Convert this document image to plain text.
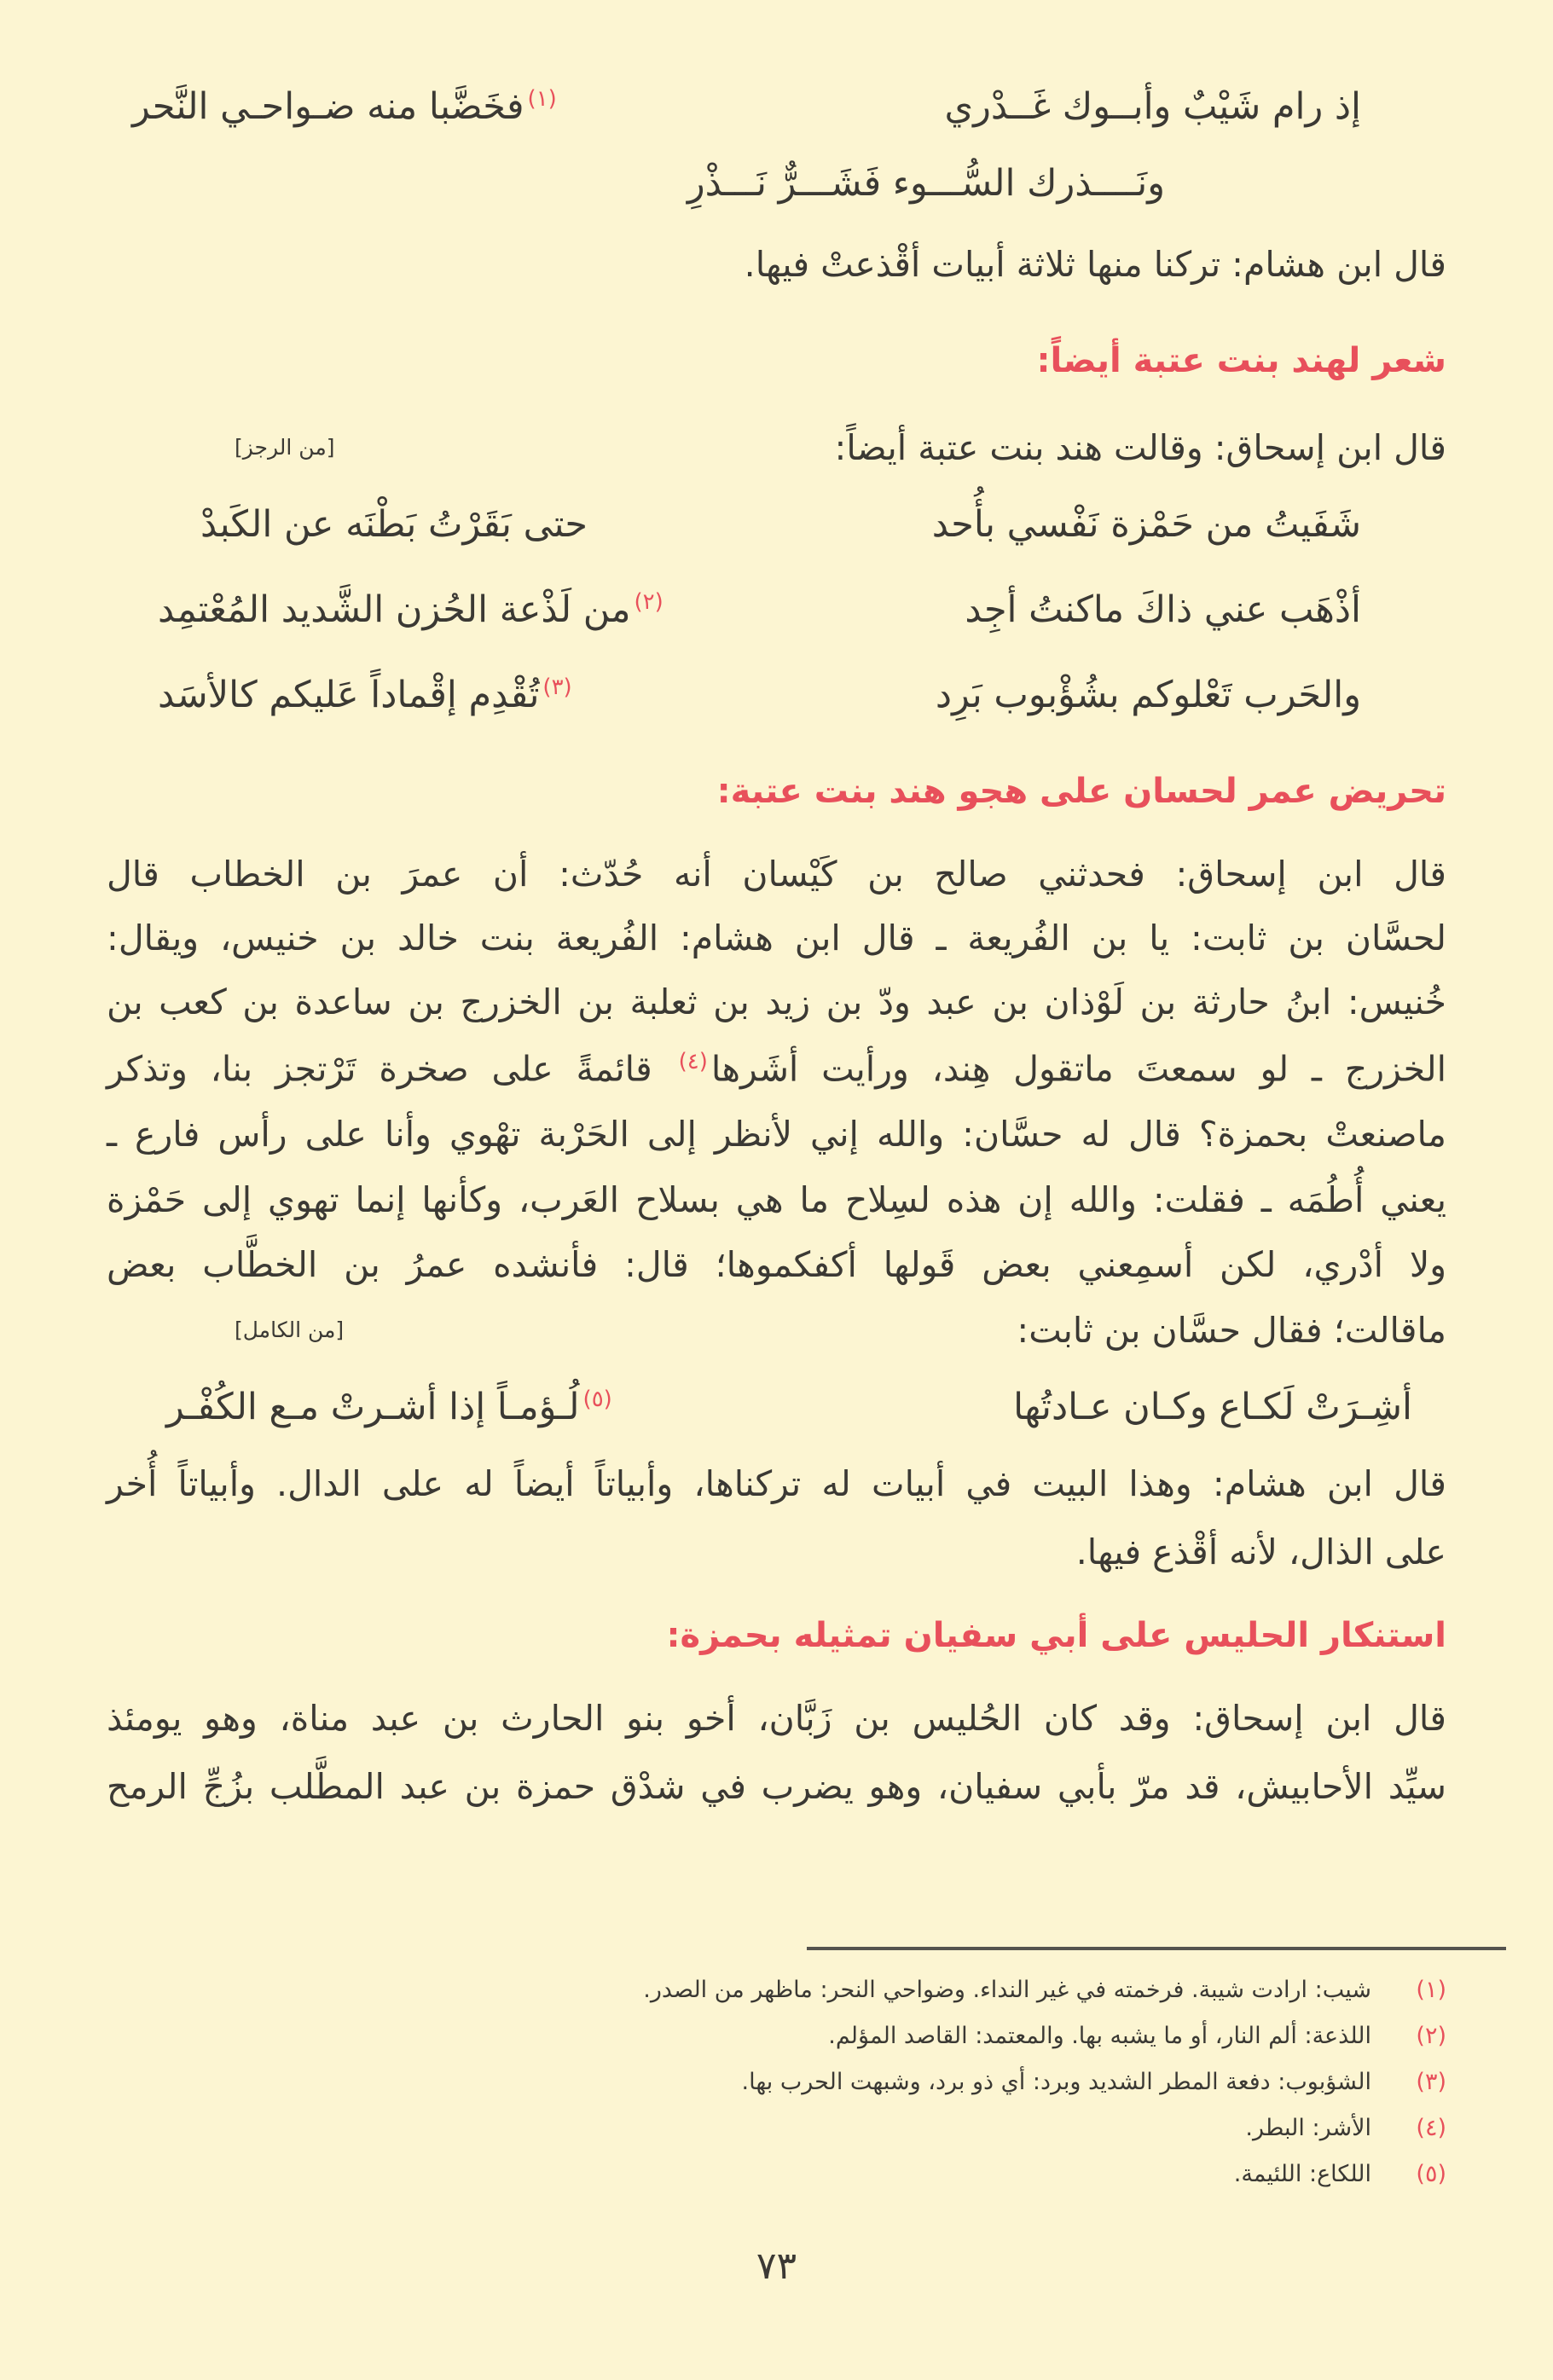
إذ رام شَيْبٌ وأبــوك غَــدْري
$^{(١)}$فخَضَّبا منه ضـواحـي النَّحر
ونَــــذرك السُّـــوء فَشَـــرٌّ نَـــذْرِ
قال ابن هشام: تركنا منها ثلاثة أبيات أقْذعتْ فيها.
شعر لهند بنت عتبة أيضاً:
قال ابن إسحاق: وقالت هند بنت عتبة أيضاً:
[من الرجز]
شَفَيتُ من حَمْزة نَفْسي بأُحد
حتى بَقَرْتُ بَطْنَه عن الكَبدْ
أذْهَب عني ذاكَ ماكنتُ أجِد
$^{(٢)}$من لَذْعة الحُزن الشَّديد المُعْتمِد
والحَرب تَعْلوكم بشُؤْبوب بَرِد
$^{(٣)}$تُقْدِم إقْماداً عَليكم كالأسَد
تحريض عمر لحسان على هجو هند بنت عتبة:
قال ابن إسحاق: فحدثني صالح بن كَيْسان أنه حُدّث: أن عمرَ بن الخطاب قال
لحسَّان بن ثابت: يا بن الفُريعة ـ قال ابن هشام: الفُريعة بنت خالد بن خنيس، ويقال:
خُنيس: ابنُ حارثة بن لَوْذان بن عبد ودّ بن زيد بن ثعلبة بن الخزرج بن ساعدة بن كعب بن
الخزرج ـ لو سمعتَ ماتقول هِند، ورأيت أشَرها$^{(٤)}$ قائمةً على صخرة تَرْتجز بنا، وتذكر
ماصنعتْ بحمزة؟ قال له حسَّان: والله إني لأنظر إلى الحَرْبة تهْوي وأنا على رأس فارع ـ
يعني أُطُمَه ـ فقلت: والله إن هذه لسِلاح ما هي بسلاح العَرب، وكأنها إنما تهوي إلى حَمْزة
ولا أدْري، لكن أسمِعني بعض قَولها أكفكموها؛ قال: فأنشده عمرُ بن الخطَّاب بعض
ماقالت؛ فقال حسَّان بن ثابت:
[من الكامل]
أشِـرَتْ لَكـاع وكـان عـادتُها
$^{(٥)}$لُـؤمـاً إذا أشـرتْ مـع الكُفْـر
قال ابن هشام: وهذا البيت في أبيات له تركناها، وأبياتاً أيضاً له على الدال. وأبياتاً أُخر
على الذال، لأنه أقْذع فيها.
استنكار الحليس على أبي سفيان تمثيله بحمزة:
قال ابن إسحاق: وقد كان الحُليس بن زَبَّان، أخو بنو الحارث بن عبد مناة، وهو يومئذ
سيِّد الأحابيش، قد مرّ بأبي سفيان، وهو يضرب في شدْق حمزة بن عبد المطَّلب بزُجِّ الرمح
(١)شيب: ارادت شيبة. فرخمته في غير النداء. وضواحي النحر: ماظهر من الصدر.
(٢)اللذعة: ألم النار، أو ما يشبه بها. والمعتمد: القاصد المؤلم.
(٣)الشؤبوب: دفعة المطر الشديد وبرد: أي ذو برد، وشبهت الحرب بها.
(٤)الأشر: البطر.
(٥)اللكاع: اللئيمة.
٧٣
